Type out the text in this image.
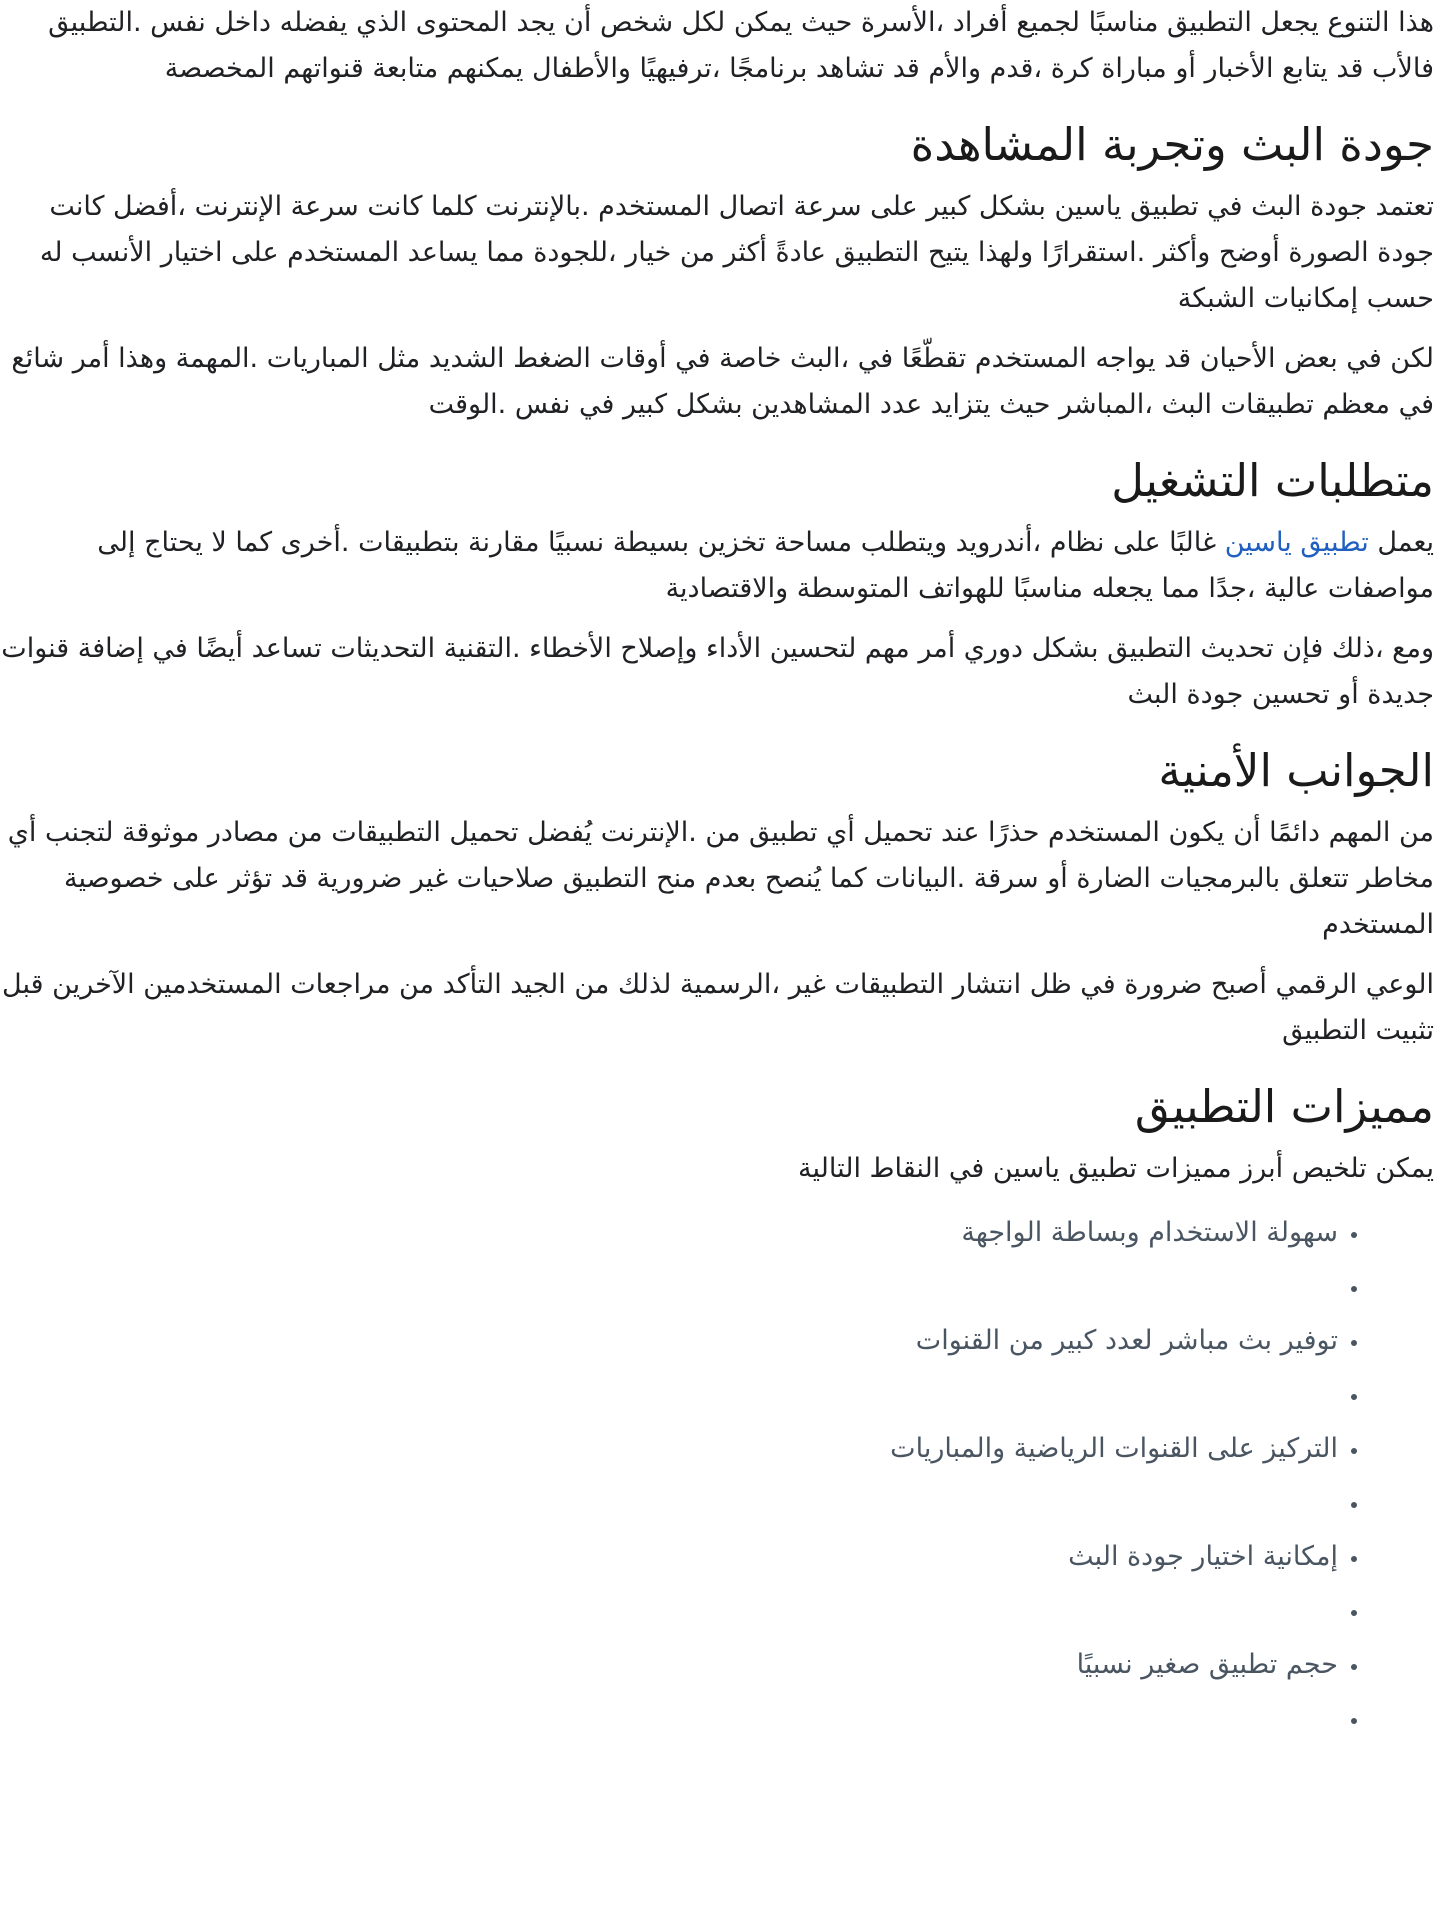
هذا التنوع يجعل التطبيق مناسبًا لجميع أفراد ،الأسرة حيث يمكن لكل شخص أن يجد المحتوى الذي يفضله داخل نفس .التطبيق فالأب قد يتابع الأخبار أو مباراة كرة ،قدم والأم قد تشاهد برنامجًا ،ترفيهيًا والأطفال يمكنهم متابعة قنواتهم المخصصة

جودة البث وتجربة المشاهدة

تعتمد جودة البث في تطبيق ياسين بشكل كبير على سرعة اتصال المستخدم .بالإنترنت كلما كانت سرعة الإنترنت ،أفضل كانت جودة الصورة أوضح وأكثر .استقرارًا ولهذا يتيح التطبيق عادةً أكثر من خيار ،للجودة مما يساعد المستخدم على اختيار الأنسب له حسب إمكانيات الشبكة

لكن في بعض الأحيان قد يواجه المستخدم تقطّعًا في ،البث خاصة في أوقات الضغط الشديد مثل المباريات .المهمة وهذا أمر شائع في معظم تطبيقات البث ،المباشر حيث يتزايد عدد المشاهدين بشكل كبير في نفس .الوقت

متطلبات التشغيل

يعمل تطبيق ياسين غالبًا على نظام ،أندرويد ويتطلب مساحة تخزين بسيطة نسبيًا مقارنة بتطبيقات .أخرى كما لا يحتاج إلى مواصفات عالية ،جدًا مما يجعله مناسبًا للهواتف المتوسطة والاقتصادية

ومع ،ذلك فإن تحديث التطبيق بشكل دوري أمر مهم لتحسين الأداء وإصلاح الأخطاء .التقنية التحديثات تساعد أيضًا في إضافة قنوات جديدة أو تحسين جودة البث

الجوانب الأمنية

من المهم دائمًا أن يكون المستخدم حذرًا عند تحميل أي تطبيق من .الإنترنت يُفضل تحميل التطبيقات من مصادر موثوقة لتجنب أي مخاطر تتعلق بالبرمجيات الضارة أو سرقة .البيانات كما يُنصح بعدم منح التطبيق صلاحيات غير ضرورية قد تؤثر على خصوصية المستخدم

الوعي الرقمي أصبح ضرورة في ظل انتشار التطبيقات غير ،الرسمية لذلك من الجيد التأكد من مراجعات المستخدمين الآخرين قبل تثبيت التطبيق

مميزات التطبيق

يمكن تلخيص أبرز مميزات تطبيق ياسين في النقاط التالية

• سهولة الاستخدام وبساطة الواجهة
•
• توفير بث مباشر لعدد كبير من القنوات
•
• التركيز على القنوات الرياضية والمباريات
•
• إمكانية اختيار جودة البث
•
• حجم تطبيق صغير نسبيًا
•
